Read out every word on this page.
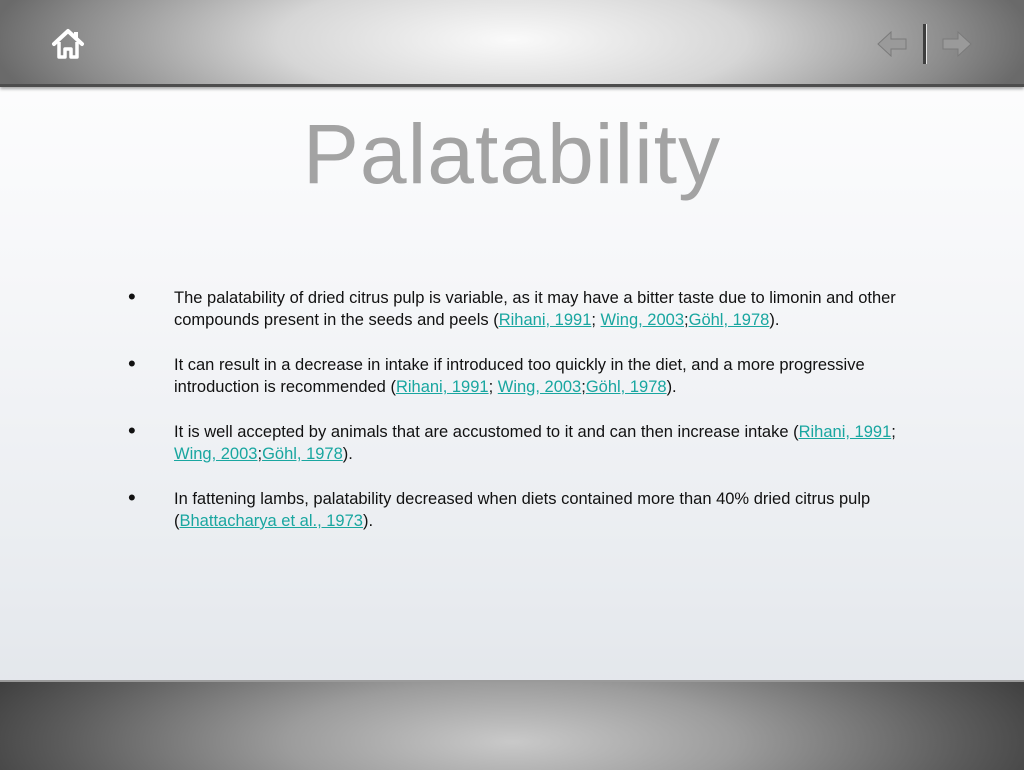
Palatability
• The palatability of dried citrus pulp is variable, as it may have a bitter taste due to limonin and other compounds present in the seeds and peels (Rihani, 1991; Wing, 2003;Göhl, 1978).
• It can result in a decrease in intake if introduced too quickly in the diet, and a more progressive introduction is recommended (Rihani, 1991; Wing, 2003;Göhl, 1978).
• It is well accepted by animals that are accustomed to it and can then increase intake (Rihani, 1991; Wing, 2003;Göhl, 1978).
• In fattening lambs, palatability decreased when diets contained more than 40% dried citrus pulp (Bhattacharya et al., 1973).
